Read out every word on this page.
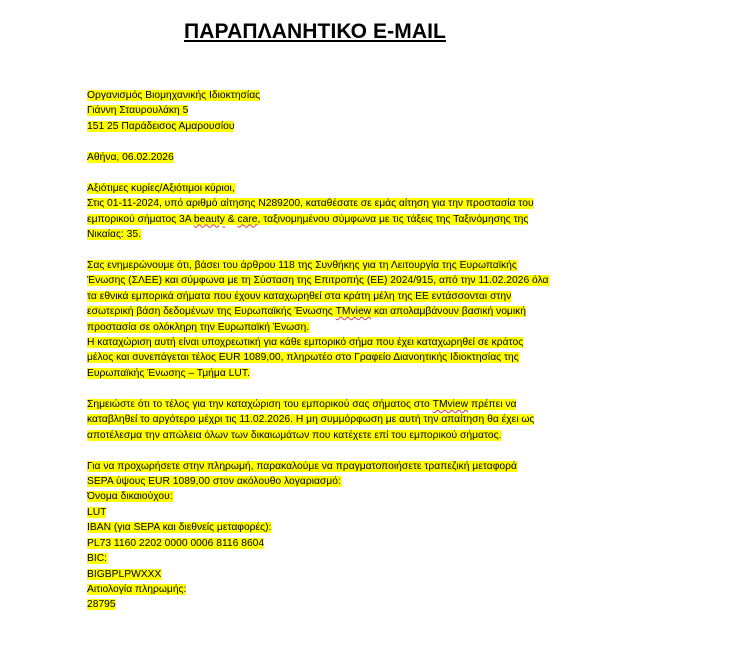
ΠΑΡΑΠΛΑΝΗΤΙΚΟ E-MAIL
Οργανισμός Βιομηχανικής Ιδιοκτησίας
Γιάννη Σταυρουλάκη 5
151 25 Παράδεισος Αμαρουσίου
Αθήνα, 06.02.2026
Αξιότιμες κυρίες/Αξιότιμοι κύριοι,
Στις 01-11-2024, υπό αριθμό αίτησης Ν289200, καταθέσατε σε εμάς αίτηση για την προστασία του
εμπορικού σήματος 3A beauty & care, ταξινομημένου σύμφωνα με τις τάξεις της Ταξινόμησης της
Νικαίας: 35.
Σας ενημερώνουμε ότι, βάσει του άρθρου 118 της Συνθήκης για τη Λειτουργία της Ευρωπαϊκής
Ένωσης (ΣΛΕΕ) και σύμφωνα με τη Σύσταση της Επιτροπής (ΕΕ) 2024/915, από την 11.02.2026 όλα
τα εθνικά εμπορικά σήματα που έχουν καταχωρηθεί στα κράτη μέλη της ΕΕ εντάσσονται στην
εσωτερική βάση δεδομένων της Ευρωπαϊκής Ένωσης TMview και απολαμβάνουν βασική νομική
προστασία σε ολόκληρη την Ευρωπαϊκή Ένωση.
Η καταχώριση αυτή είναι υποχρεωτική για κάθε εμπορικό σήμα που έχει καταχωρηθεί σε κράτος
μέλος και συνεπάγεται τέλος EUR 1089,00, πληρωτέο στο Γραφείο Διανοητικής Ιδιοκτησίας της
Ευρωπαϊκής Ένωσης – Τμήμα LUT.
Σημειώστε ότι το τέλος για την καταχώριση του εμπορικού σας σήματος στο TMview πρέπει να
καταβληθεί το αργότερο μέχρι τις 11.02.2026. Η μη συμμόρφωση με αυτή την απαίτηση θα έχει ως
αποτέλεσμα την απώλεια όλων των δικαιωμάτων που κατέχετε επί του εμπορικού σήματος.
Για να προχωρήσετε στην πληρωμή, παρακαλούμε να πραγματοποιήσετε τραπεζική μεταφορά
SEPA ύψους EUR 1089,00 στον ακόλουθο λογαριασμό:
Όνομα δικαιούχου:
LUT
IBAN (για SEPA και διεθνείς μεταφορές):
PL73 1160 2202 0000 0006 8116 8604
BIC:
BIGBPLPWXXX
Αιτιολογία πληρωμής:
28795
